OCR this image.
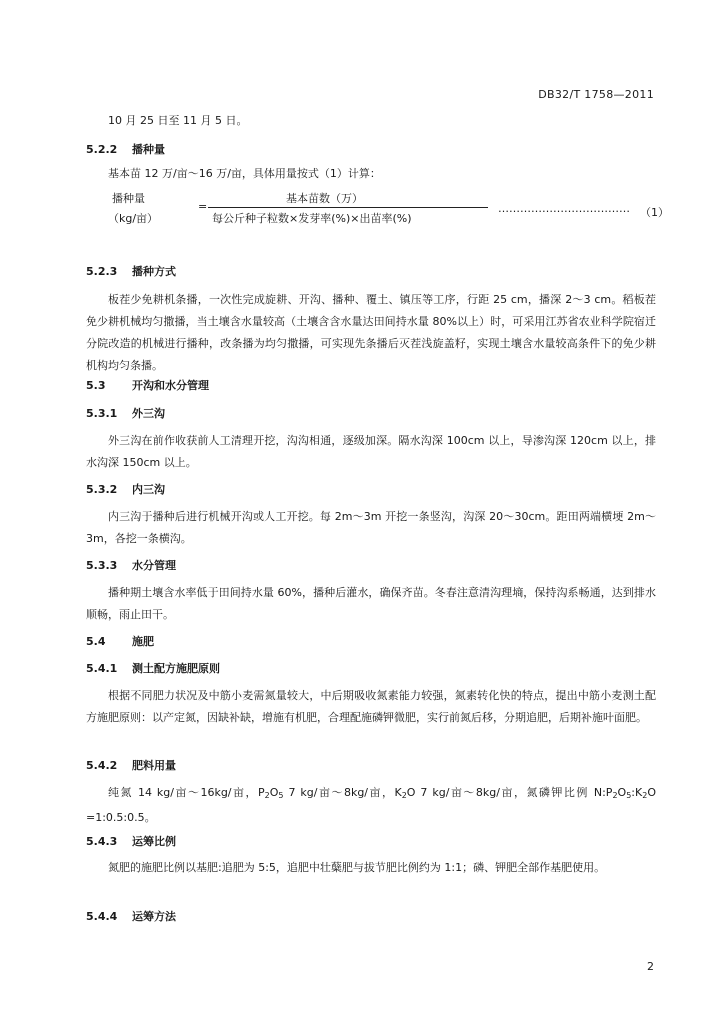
DB32/T 1758—2011

10 月 25 日至 11 月 5 日。

5.2.2 播种量

基本苗 12 万/亩～16 万/亩，具体用量按式（1）计算：

播种量
（kg/亩）
=
基本苗数（万）
每公斤种子粒数×发芽率(%)×出苗率(%)
……………………………… （1）
5.2.3 播种方式

板茬少免耕机条播，一次性完成旋耕、开沟、播种、覆土、镇压等工序，行距 25 cm，播深 2～3 cm。稻板茬免少耕机械均匀撒播，当土壤含水量较高（土壤含含水量达田间持水量 80%以上）时，可采用江苏省农业科学院宿迁分院改造的机械进行播种，改条播为均匀撒播，可实现先条播后灭茬浅旋盖籽，实现土壤含水量较高条件下的免少耕机构均匀条播。

5.3 开沟和水分管理
5.3.1 外三沟

外三沟在前作收获前人工清理开挖，沟沟相通，逐级加深。隔水沟深 100cm 以上，导渗沟深 120cm 以上，排水沟深 150cm 以上。

5.3.2 内三沟

内三沟于播种后进行机械开沟或人工开挖。每 2m～3m 开挖一条竖沟，沟深 20～30cm。距田两端横埂 2m～3m，各挖一条横沟。

5.3.3 水分管理

播种期土壤含水率低于田间持水量 60%，播种后灌水，确保齐苗。冬春注意清沟理墒，保持沟系畅通，达到排水顺畅，雨止田干。

5.4 施肥
5.4.1 测土配方施肥原则

根据不同肥力状况及中筋小麦需氮量较大，中后期吸收氮素能力较强，氮素转化快的特点，提出中筋小麦测土配方施肥原则：以产定氮，因缺补缺，增施有机肥，合理配施磷钾微肥，实行前氮后移，分期追肥，后期补施叶面肥。

5.4.2 肥料用量

纯氮 14 kg/亩～16kg/亩，$P_2O_5$ 7 kg/亩～8kg/亩，$K_2O$ 7 kg/亩～8kg/亩，氮磷钾比例 $N:P_2O_5:K_2O$ =1:0.5:0.5。

5.4.3 运筹比例

氮肥的施肥比例以基肥:追肥为 5:5，追肥中壮蘖肥与拔节肥比例约为 1:1；磷、钾肥全部作基肥使用。

5.4.4 运筹方法
2
